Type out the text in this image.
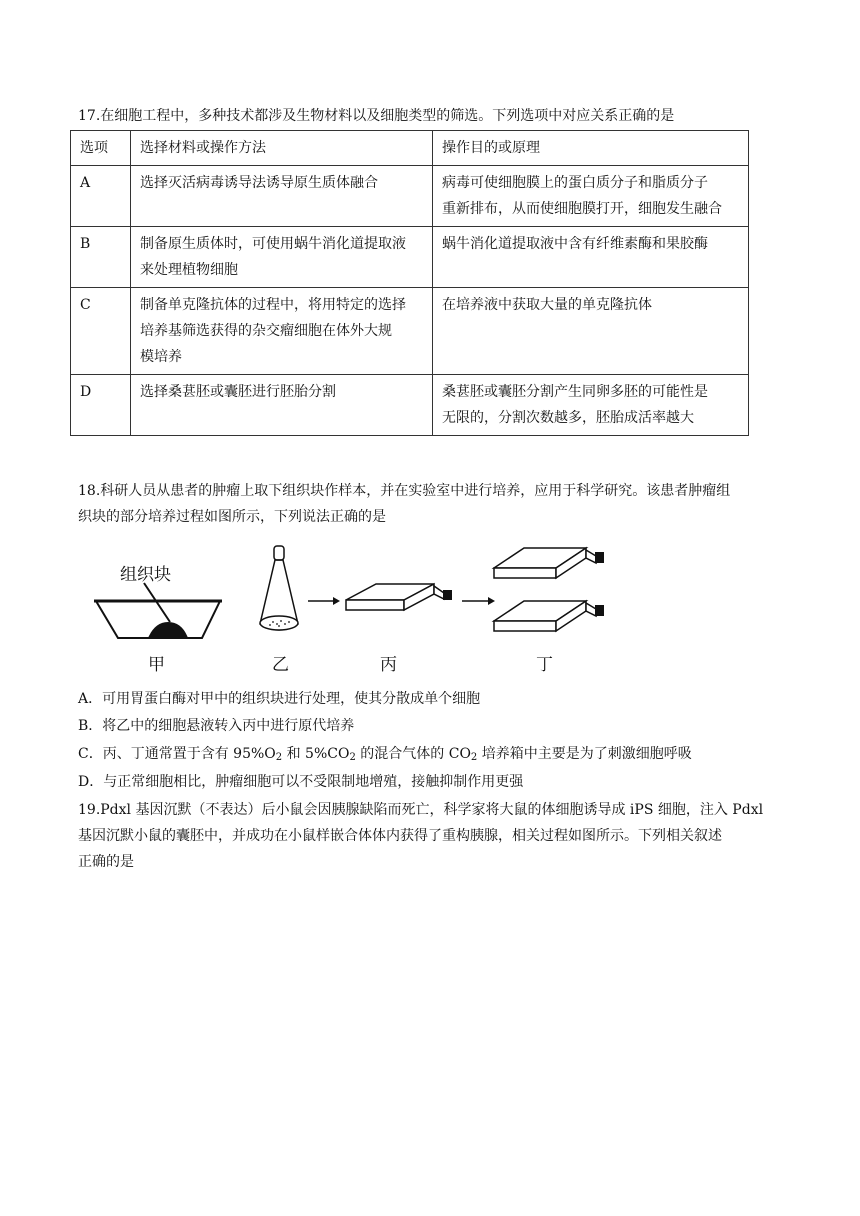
17.在细胞工程中，多种技术都涉及生物材料以及细胞类型的筛选。下列选项中对应关系正确的是
选项	选择材料或操作方法	操作目的或原理
A	选择灭活病毒诱导法诱导原生质体融合	病毒可使细胞膜上的蛋白质分子和脂质分子
重新排布，从而使细胞膜打开，细胞发生融合

B	制备原生质体时，可使用蜗牛消化道提取液
来处理植物细胞	蜗牛消化道提取液中含有纤维素酶和果胶酶

C	制备单克隆抗体的过程中，将用特定的选择
培养基筛选获得的杂交瘤细胞在体外大规
模培养	在培养液中获取大量的单克隆抗体

D	选择桑葚胚或囊胚进行胚胎分割	桑葚胚或囊胚分割产生同卵多胚的可能性是
无限的，分割次数越多，胚胎成活率越大
18.科研人员从患者的肿瘤上取下组织块作样本，并在实验室中进行培养，应用于科学研究。该患者肿瘤组
织块的部分培养过程如图所示，下列说法正确的是
组织块
甲	乙	丙	丁
A．可用胃蛋白酶对甲中的组织块进行处理，使其分散成单个细胞
B．将乙中的细胞悬液转入丙中进行原代培养
C．丙、丁通常置于含有 $95\%O_2$ 和 $5\%CO_2$ 的混合气体的 $CO_2$ 培养箱中主要是为了刺激细胞呼吸
D．与正常细胞相比，肿瘤细胞可以不受限制地增殖，接触抑制作用更强
19.Pdxl 基因沉默（不表达）后小鼠会因胰腺缺陷而死亡，科学家将大鼠的体细胞诱导成 iPS 细胞，注入 Pdxl
基因沉默小鼠的囊胚中，并成功在小鼠样嵌合体体内获得了重构胰腺，相关过程如图所示。下列相关叙述
正确的是
